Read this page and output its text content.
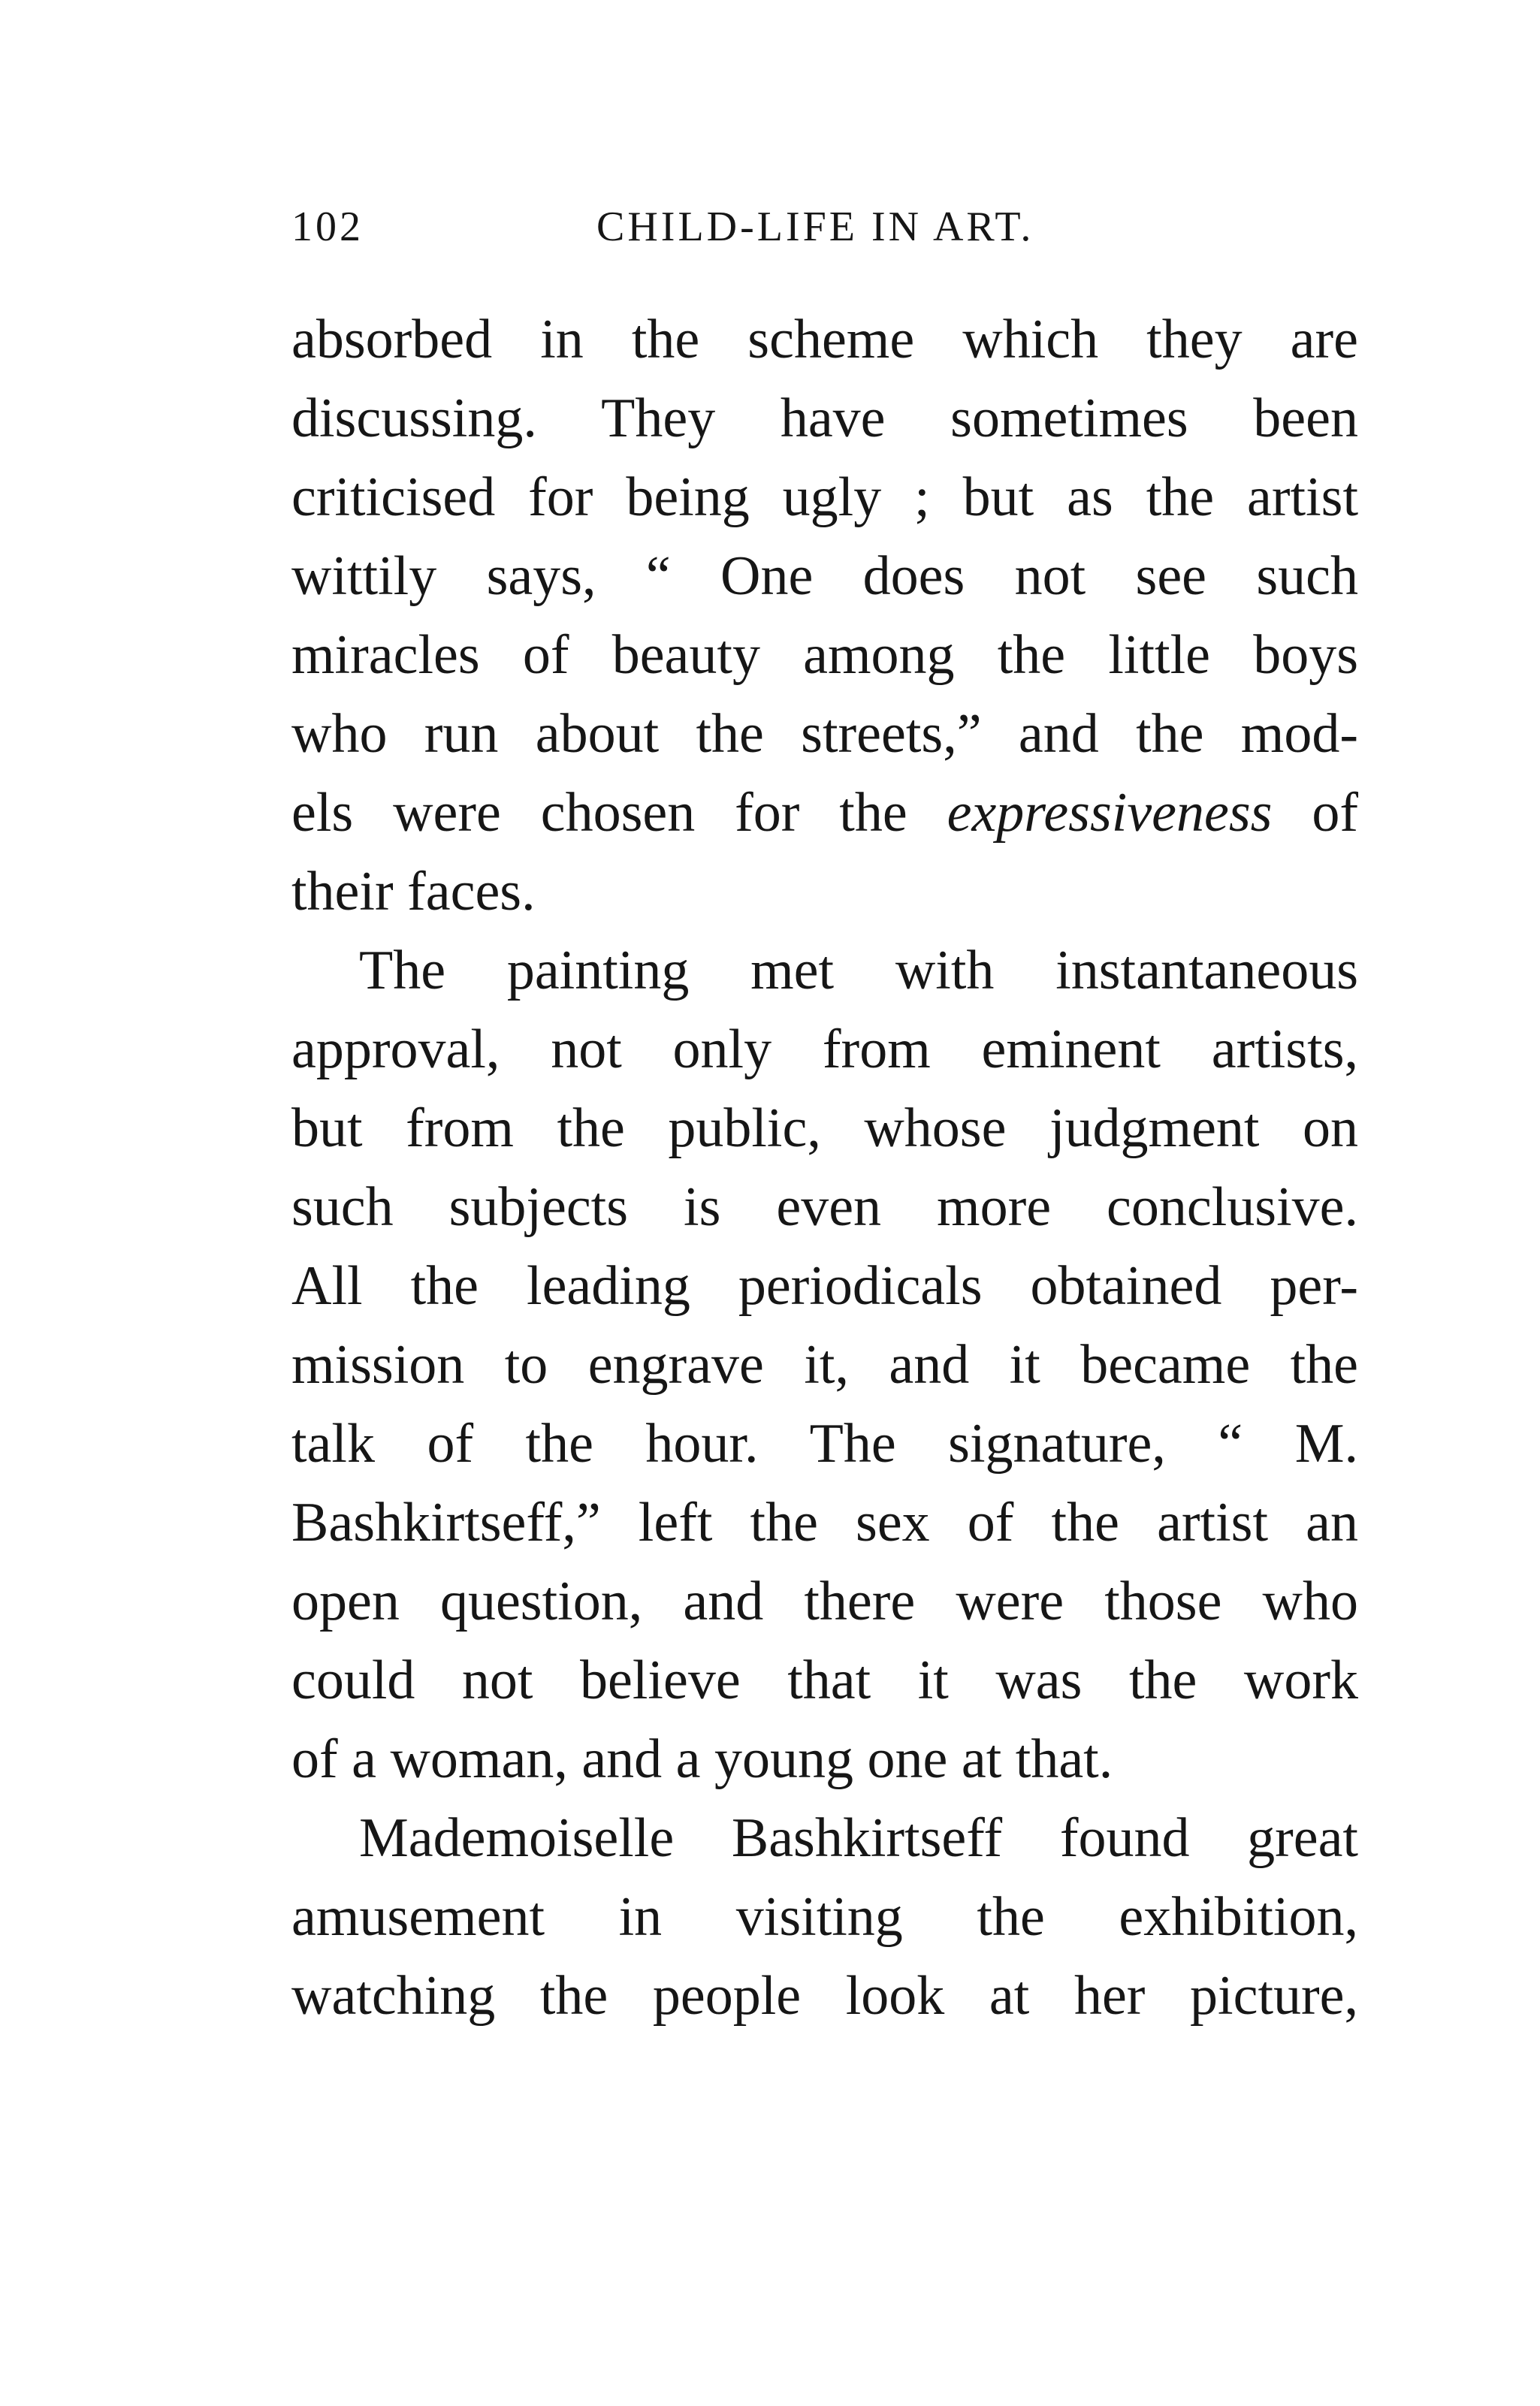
102	CHILD-LIFE IN ART.
absorbed in the scheme which they are
discussing. They have sometimes been
criticised for being ugly ; but as the artist
wittily says, “ One does not see such
miracles of beauty among the little boys
who run about the streets,” and the mod-
els were chosen for the expressiveness of
their faces.
The painting met with instantaneous
approval, not only from eminent artists,
but from the public, whose judgment on
such subjects is even more conclusive.
All the leading periodicals obtained per-
mission to engrave it, and it became the
talk of the hour. The signature, “ M.
Bashkirtseff,” left the sex of the artist an
open question, and there were those who
could not believe that it was the work
of a woman, and a young one at that.
Mademoiselle Bashkirtseff found great
amusement in visiting the exhibition,
watching the people look at her picture,
